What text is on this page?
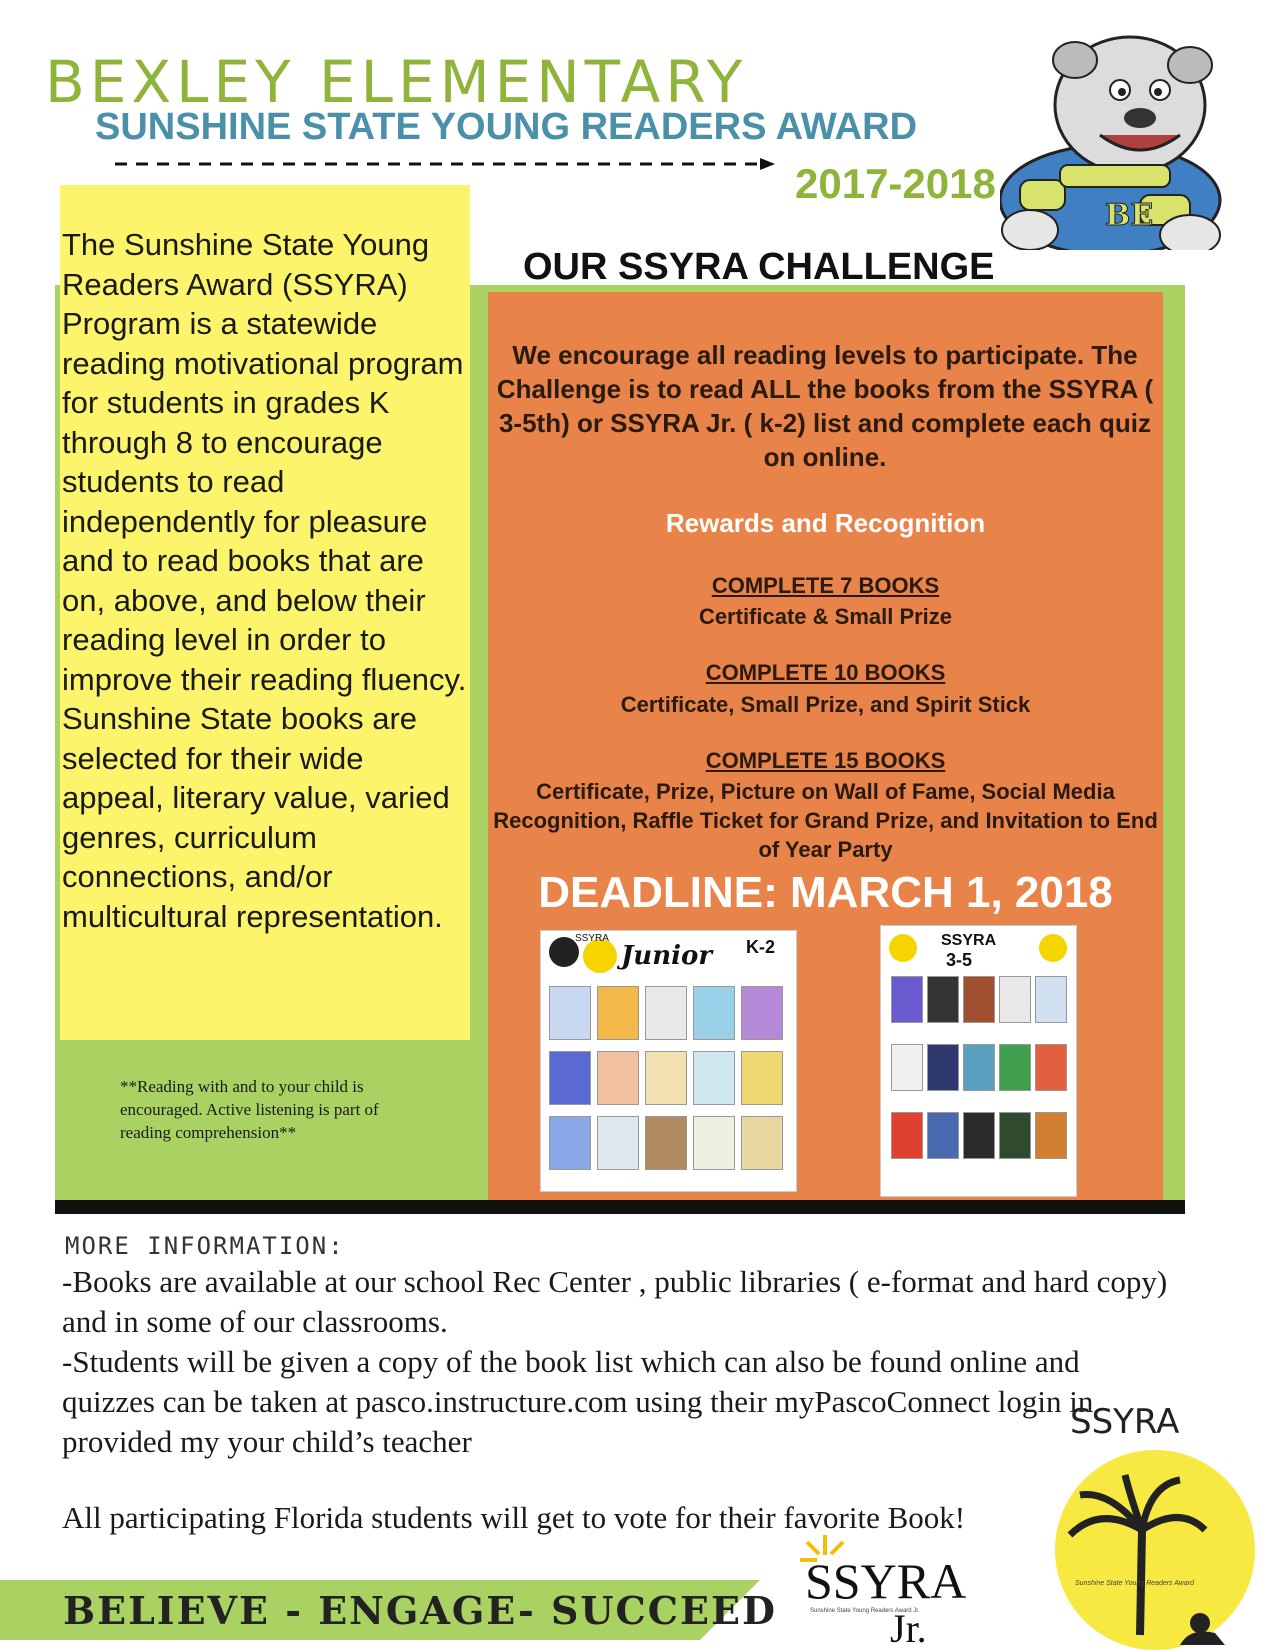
BEXLEY ELEMENTARY
SUNSHINE STATE YOUNG READERS AWARD
2017-2018
BE
The Sunshine State Young Readers Award (SSYRA) Program is a statewide reading motivational program for students in grades K through 8 to encourage students to read independently for pleasure and to read books that are on, above, and below their reading level in order to improve their reading fluency. Sunshine State books are selected for their wide appeal, literary value, varied genres, curriculum connections, and/or multicultural representation.
**Reading with and to your child is encouraged. Active listening is part of reading comprehension**
OUR SSYRA CHALLENGE
We encourage all reading levels to participate. The Challenge is to read ALL the books from the SSYRA ( 3-5th) or SSYRA Jr. ( k-2) list and complete each quiz on online.
Rewards and Recognition
COMPLETE 7 BOOKS
Certificate & Small Prize
COMPLETE 10 BOOKS
Certificate, Small Prize, and Spirit Stick
COMPLETE 15 BOOKS
Certificate, Prize, Picture on Wall of Fame, Social Media Recognition, Raffle Ticket for Grand Prize, and Invitation to End of Year Party
DEADLINE: MARCH 1, 2018
SSYRA
Junior K-2	SSYRA
3-5
MORE INFORMATION:
-Books are available at our school Rec Center , public libraries ( e-format and hard copy) and in some of our classrooms.
-Students will be given a copy of the book list which can also be found online and quizzes can be taken at pasco.instructure.com using their myPascoConnect login in provided my your child’s teacher
All participating Florida students will get to vote for their favorite Book!
BELIEVE - ENGAGE- SUCCEED
SSYRA
Sunshine State Young Readers Award
SSYRA
Sunshine State Young Readers Award Jr.
Jr.
